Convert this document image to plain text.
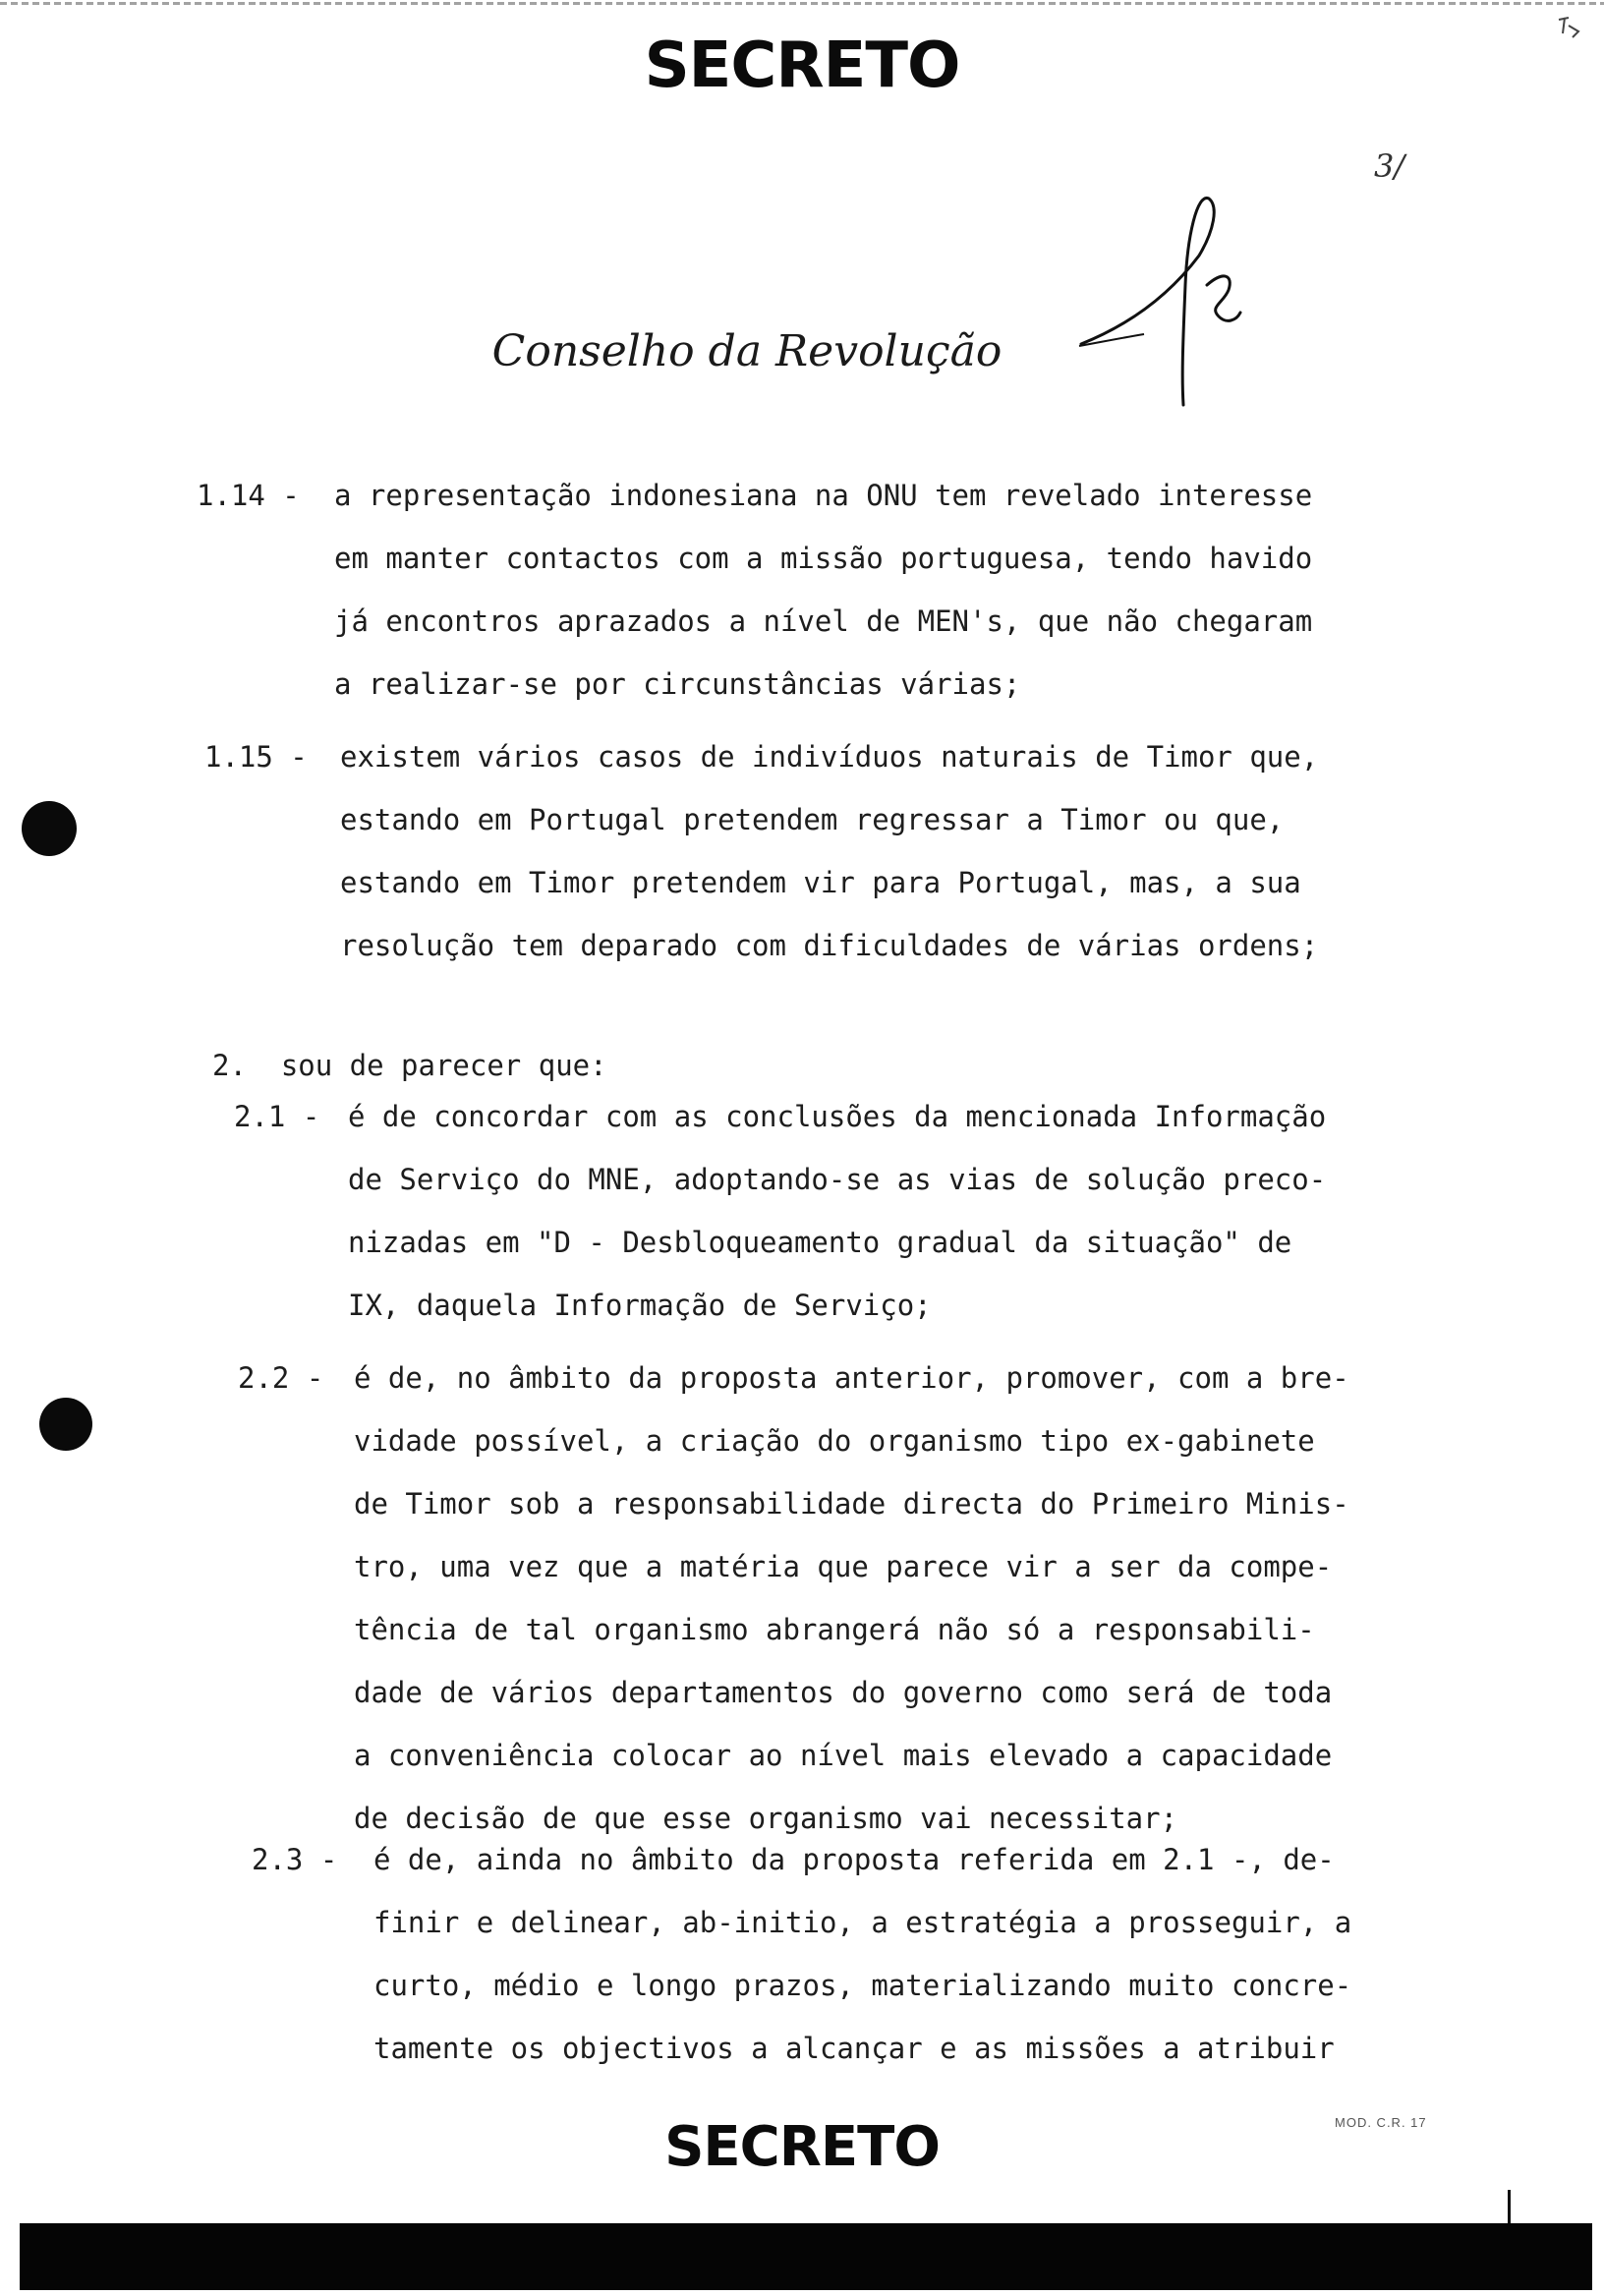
SECRETO
3/
Conselho da Revolução
1.14 - a representação indonesiana na ONU tem revelado interesse
em manter contactos com a missão portuguesa, tendo havido
já encontros aprazados a nível de MEN's, que não chegaram
a realizar-se por circunstâncias várias;
1.15 - existem vários casos de indivíduos naturais de Timor que,
estando em Portugal pretendem regressar a Timor ou que,
estando em Timor pretendem vir para Portugal, mas, a sua
resolução tem deparado com dificuldades de várias ordens;
2.  sou de parecer que:
2.1 - é de concordar com as conclusões da mencionada Informação
de Serviço do MNE, adoptando-se as vias de solução preco-
nizadas em "D - Desbloqueamento gradual da situação" de
IX, daquela Informação de Serviço;
2.2 - é de, no âmbito da proposta anterior, promover, com a bre-
vidade possível, a criação do organismo tipo ex-gabinete
de Timor sob a responsabilidade directa do Primeiro Minis-
tro, uma vez que a matéria que parece vir a ser da compe-
tência de tal organismo abrangerá não só a responsabili-
dade de vários departamentos do governo como será de toda
a conveniência colocar ao nível mais elevado a capacidade
de decisão de que esse organismo vai necessitar;
2.3 - é de, ainda no âmbito da proposta referida em 2.1 -, de-
finir e delinear, ab-initio, a estratégia a prosseguir, a
curto, médio e longo prazos, materializando muito concre-
tamente os objectivos a alcançar e as missões a atribuir
SECRETO	MOD. C.R. 17
